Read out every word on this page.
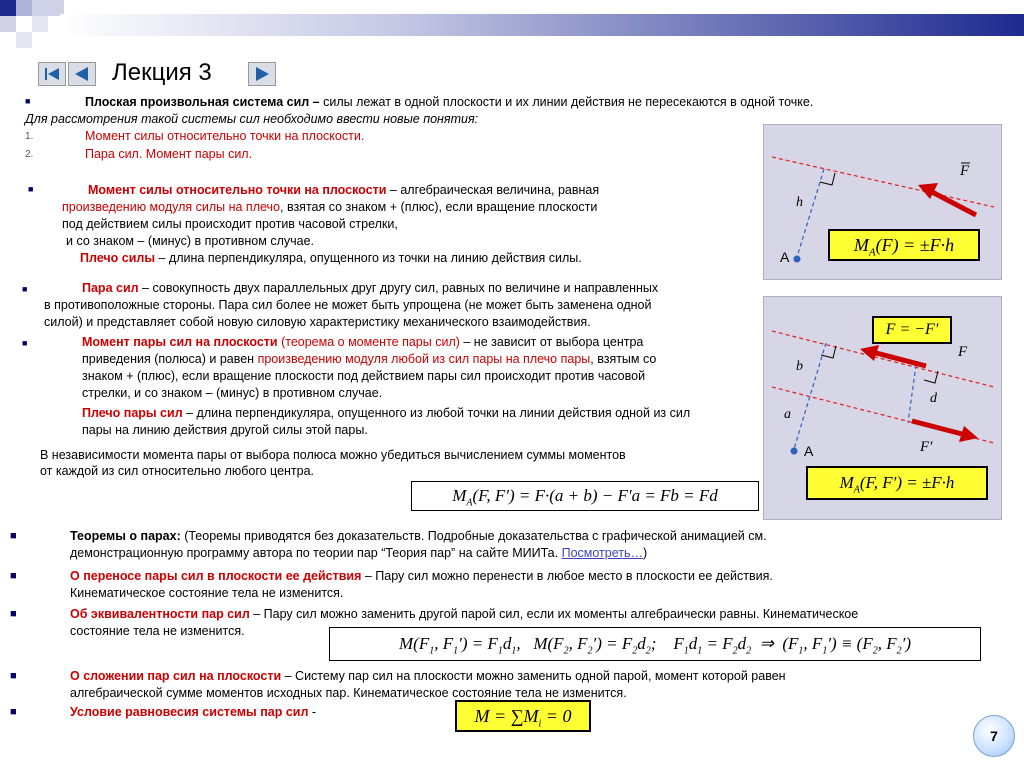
Лекция 3
■	Плоская произвольная система сил – силы лежат в одной плоскости и их линии действия не пересекаются в одной точке.
Для рассмотрения такой системы сил необходимо ввести новые понятия:
1.	Момент силы относительно точки на плоскости.
2.	Пара сил. Момент пары сил.
■	Момент силы относительно точки на плоскости – алгебраическая величина, равная
произведению модуля силы на плечо, взятая со знаком + (плюс), если вращение плоскости
под действием силы происходит против часовой стрелки,
и со знаком – (минус) в противном случае.
Плечо силы – длина перпендикуляра, опущенного из точки на линию действия силы.
F
h
A
$M_A(F) = \pm F\cdot h$
■	Пара сил – совокупность двух параллельных друг другу сил, равных по величине и направленных
в противоположные стороны. Пара сил более не может быть упрощена (не может быть заменена одной
силой) и представляет собой новую силовую характеристику механического взаимодействия.
■	Момент пары сил на плоскости (теорема о моменте пары сил) – не зависит от выбора центра
приведения (полюса) и равен произведению модуля любой из сил пары на плечо пары, взятым со
знаком + (плюс), если вращение плоскости под действием пары сил происходит против часовой
стрелки, и со знаком – (минус) в противном случае.
Плечо пары сил – длина перпендикуляра, опущенного из любой точки на линии действия одной из сил
пары на линию действия другой силы этой пары.
В независимости момента пары от выбора полюса можно убедиться вычислением суммы моментов
от каждой из сил относительно любого центра.
$M_A(F$, F′) = F·(a + b) − F′a = Fb = Fd
F
F′
b
a
d
A
F = −F′
$M_A(F$, F′) = ±F·h
■	Теоремы о парах: (Теоремы приводятся без доказательств. Подробные доказательства с графической анимацией см.
демонстрационную программу автора по теории пар “Теория пар” на сайте МИИТа. Посмотреть…)
■	О переносе пары сил в плоскости ее действия – Пару сил можно перенести в любое место в плоскости ее действия.
Кинематическое состояние тела не изменится.
■	Об эквивалентности пар сил – Пару сил можно заменить другой парой сил, если их моменты алгебраически равны. Кинематическое
состояние тела не изменится.
$M(F_1$, $F_1') = F_1d_1$,   $M(F_2$, $F_2') = F_2d_2$;    $F_1d_1 = F_2d_2$  ⇒  ($F_1$, $F_1') \equiv (F_2$, $F_2'$)
■	О сложении пар сил на плоскости – Систему пар сил на плоскости можно заменить одной парой, момент которой равен
алгебраической сумме моментов исходных пар. Кинематическое состояние тела не изменится.
■	Условие равновесия системы пар сил -	$M = \sum M_i = 0$
7
